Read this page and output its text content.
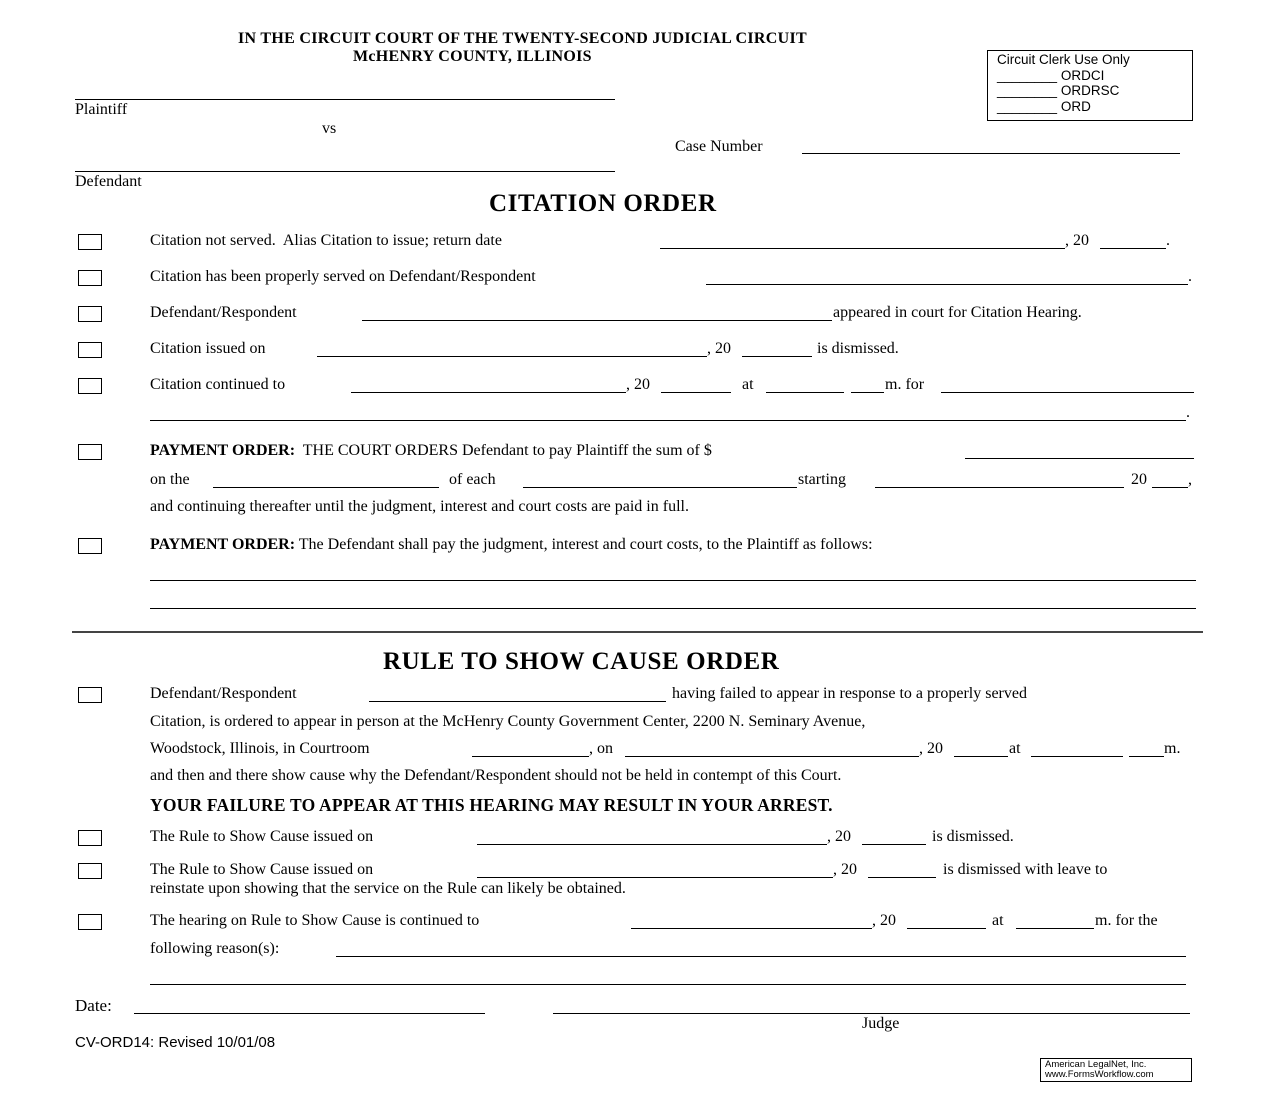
IN THE CIRCUIT COURT OF THE TWENTY-SECOND JUDICIAL CIRCUIT
McHENRY COUNTY, ILLINOIS	Circuit Clerk Use Only
________ ORDCI
________ ORDRSC
________ ORD
Plaintiff
vs
Case Number
Defendant
CITATION ORDER
Citation not served.  Alias Citation to issue; return date	, 20	.
Citation has been properly served on Defendant/Respondent	.
Defendant/Respondent	appeared in court for Citation Hearing.
Citation issued on	, 20	is dismissed.
Citation continued to	, 20	at	m. for
.
PAYMENT ORDER: THE COURT ORDERS Defendant to pay Plaintiff the sum of $
on the	of each	starting	20	,
and continuing thereafter until the judgment, interest and court costs are paid in full.
PAYMENT ORDER: The Defendant shall pay the judgment, interest and court costs, to the Plaintiff as follows:
RULE TO SHOW CAUSE ORDER
Defendant/Respondent	having failed to appear in response to a properly served
Citation, is ordered to appear in person at the McHenry County Government Center, 2200 N. Seminary Avenue,
Woodstock, Illinois, in Courtroom	, on	, 20	at	m.
and then and there show cause why the Defendant/Respondent should not be held in contempt of this Court.
YOUR FAILURE TO APPEAR AT THIS HEARING MAY RESULT IN YOUR ARREST.
The Rule to Show Cause issued on	, 20	is dismissed.
The Rule to Show Cause issued on	, 20	is dismissed with leave to
reinstate upon showing that the service on the Rule can likely be obtained.
The hearing on Rule to Show Cause is continued to	, 20	at	m. for the
following reason(s):
Date:
Judge
CV-ORD14: Revised 10/01/08
American LegalNet, Inc.
www.FormsWorkflow.com
